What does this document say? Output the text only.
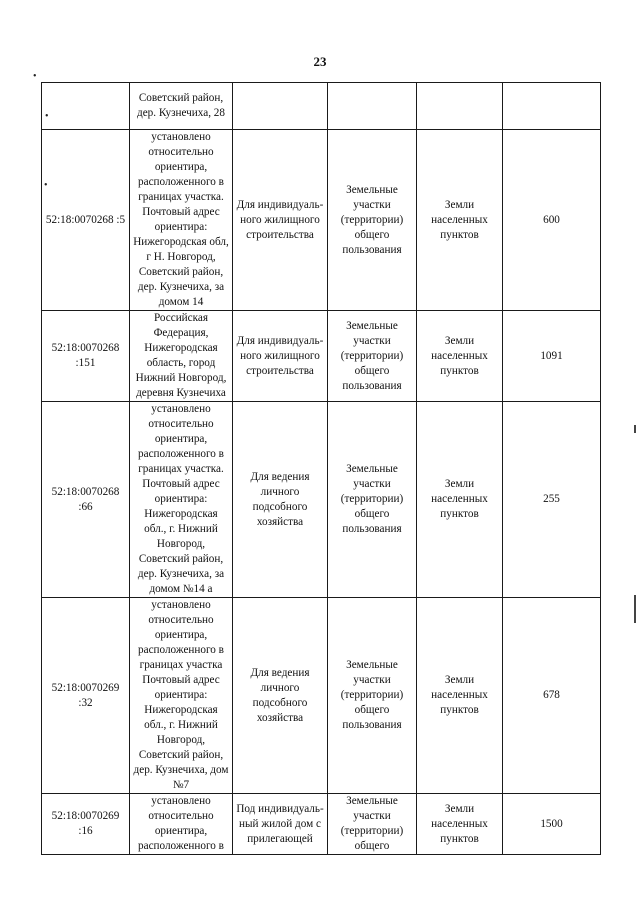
23
•
•
•
	Советский район, дер. Кузнечиха, 28				
52:18:0070268 :5	установлено относительно ориентира, расположенного в границах участка. Почтовый адрес ориентира: Нижегородская обл, г Н. Новгород, Советский район, дер. Кузнечиха, за домом 14	Для индивидуаль-ного жилищного строительства	Земельные участки (территории) общего пользования	Земли населенных пунктов	600
52:18:0070268 :151	Российская Федерация, Нижегородская область, город Нижний Новгород, деревня Кузнечиха	Для индивидуаль-ного жилищного строительства	Земельные участки (территории) общего пользования	Земли населенных пунктов	1091
52:18:0070268 :66	установлено относительно ориентира, расположенного в границах участка. Почтовый адрес ориентира: Нижегородская обл., г. Нижний Новгород, Советский район, дер. Кузнечиха, за домом №14 а	Для ведения личного подсобного хозяйства	Земельные участки (территории) общего пользования	Земли населенных пунктов	255
52:18:0070269 :32	установлено относительно ориентира, расположенного в границах участка Почтовый адрес ориентира: Нижегородская обл., г. Нижний Новгород, Советский район, дер. Кузнечиха, дом №7	Для ведения личного подсобного хозяйства	Земельные участки (территории) общего пользования	Земли населенных пунктов	678
52:18:0070269 :16	установлено относительно ориентира, расположенного в	Под индивидуаль-ный жилой дом с прилегающей	Земельные участки (территории) общего	Земли населенных пунктов	1500
